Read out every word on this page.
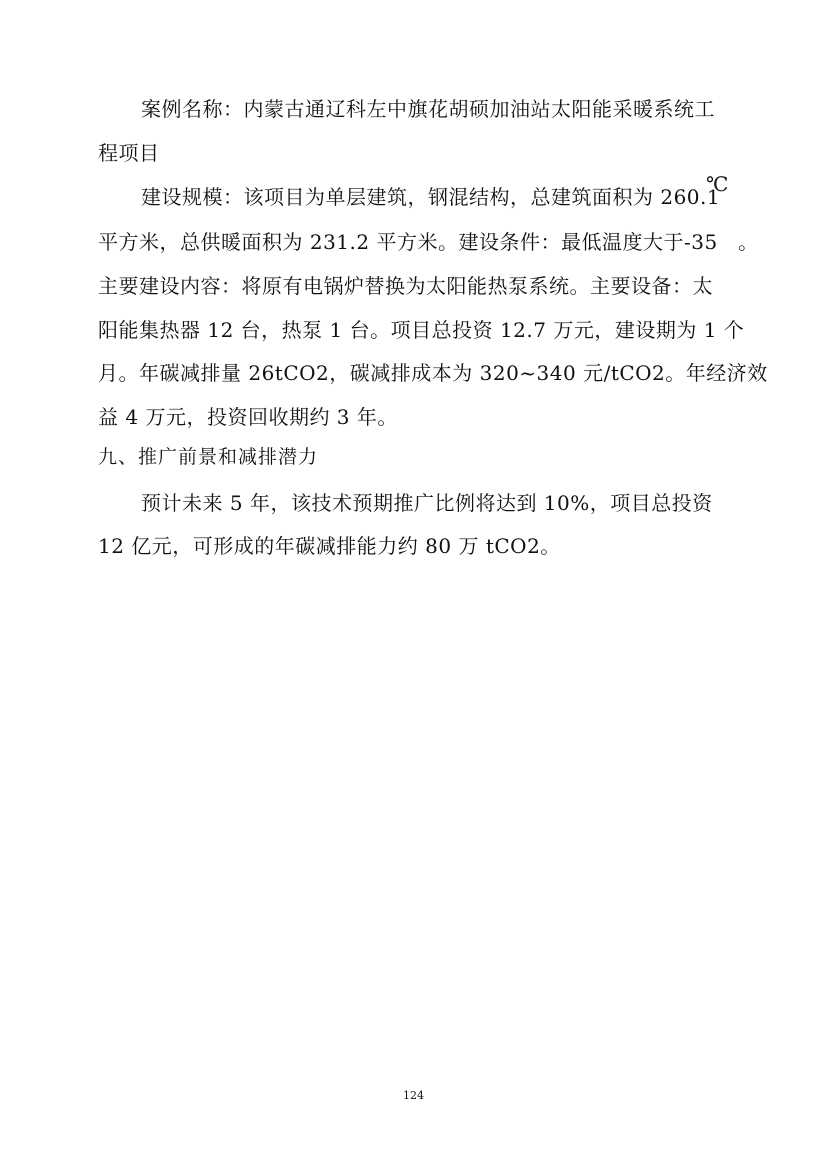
案例名称：内蒙古通辽科左中旗花胡硕加油站太阳能采暖系统工
程项目
建设规模：该项目为单层建筑，钢混结构，总建筑面积为 260.1
℃
平方米，总供暖面积为 231.2 平方米。建设条件：最低温度大于-35　。
主要建设内容：将原有电锅炉替换为太阳能热泵系统。主要设备：太
阳能集热器 12 台，热泵 1 台。项目总投资 12.7 万元，建设期为 1 个
月。年碳减排量 26tCO2，碳减排成本为 320~340 元/tCO2。年经济效
益 4 万元，投资回收期约 3 年。
九、推广前景和减排潜力
预计未来 5 年，该技术预期推广比例将达到 10%，项目总投资
12 亿元，可形成的年碳减排能力约 80 万 tCO2。
124
